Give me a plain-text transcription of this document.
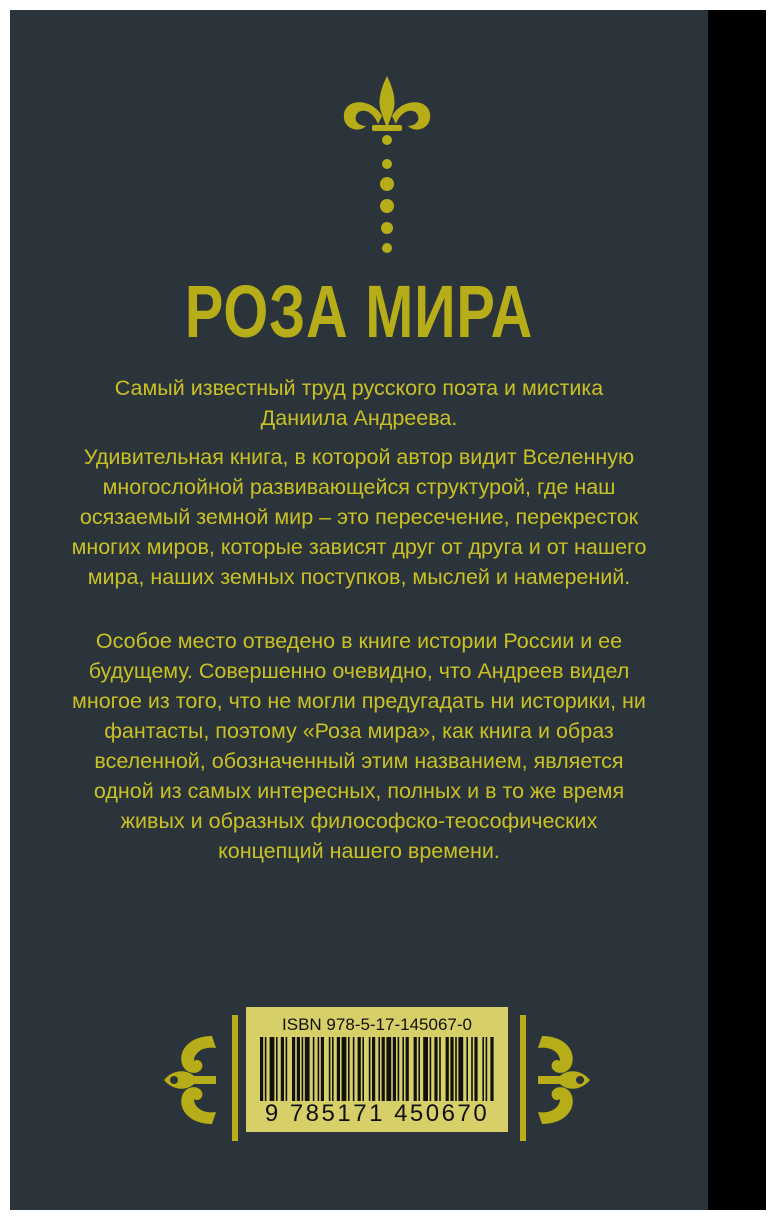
РОЗА МИРА

Самый известный труд русского поэта и мистика Даниила Андреева.

Удивительная книга, в которой автор видит Вселенную многослойной развивающейся структурой, где наш осязаемый земной мир – это пересечение, перекресток многих миров, которые зависят друг от друга и от нашего мира, наших земных поступков, мыслей и намерений.

Особое место отведено в книге истории России и ее будущему. Совершенно очевидно, что Андреев видел многое из того, что не могли предугадать ни историки, ни фантасты, поэтому «Роза мира», как книга и образ вселенной, обозначенный этим названием, является одной из самых интересных, полных и в то же время живых и образных философско-теософических концепций нашего времени.

ISBN 978-5-17-145067-0
9 785171 450670
